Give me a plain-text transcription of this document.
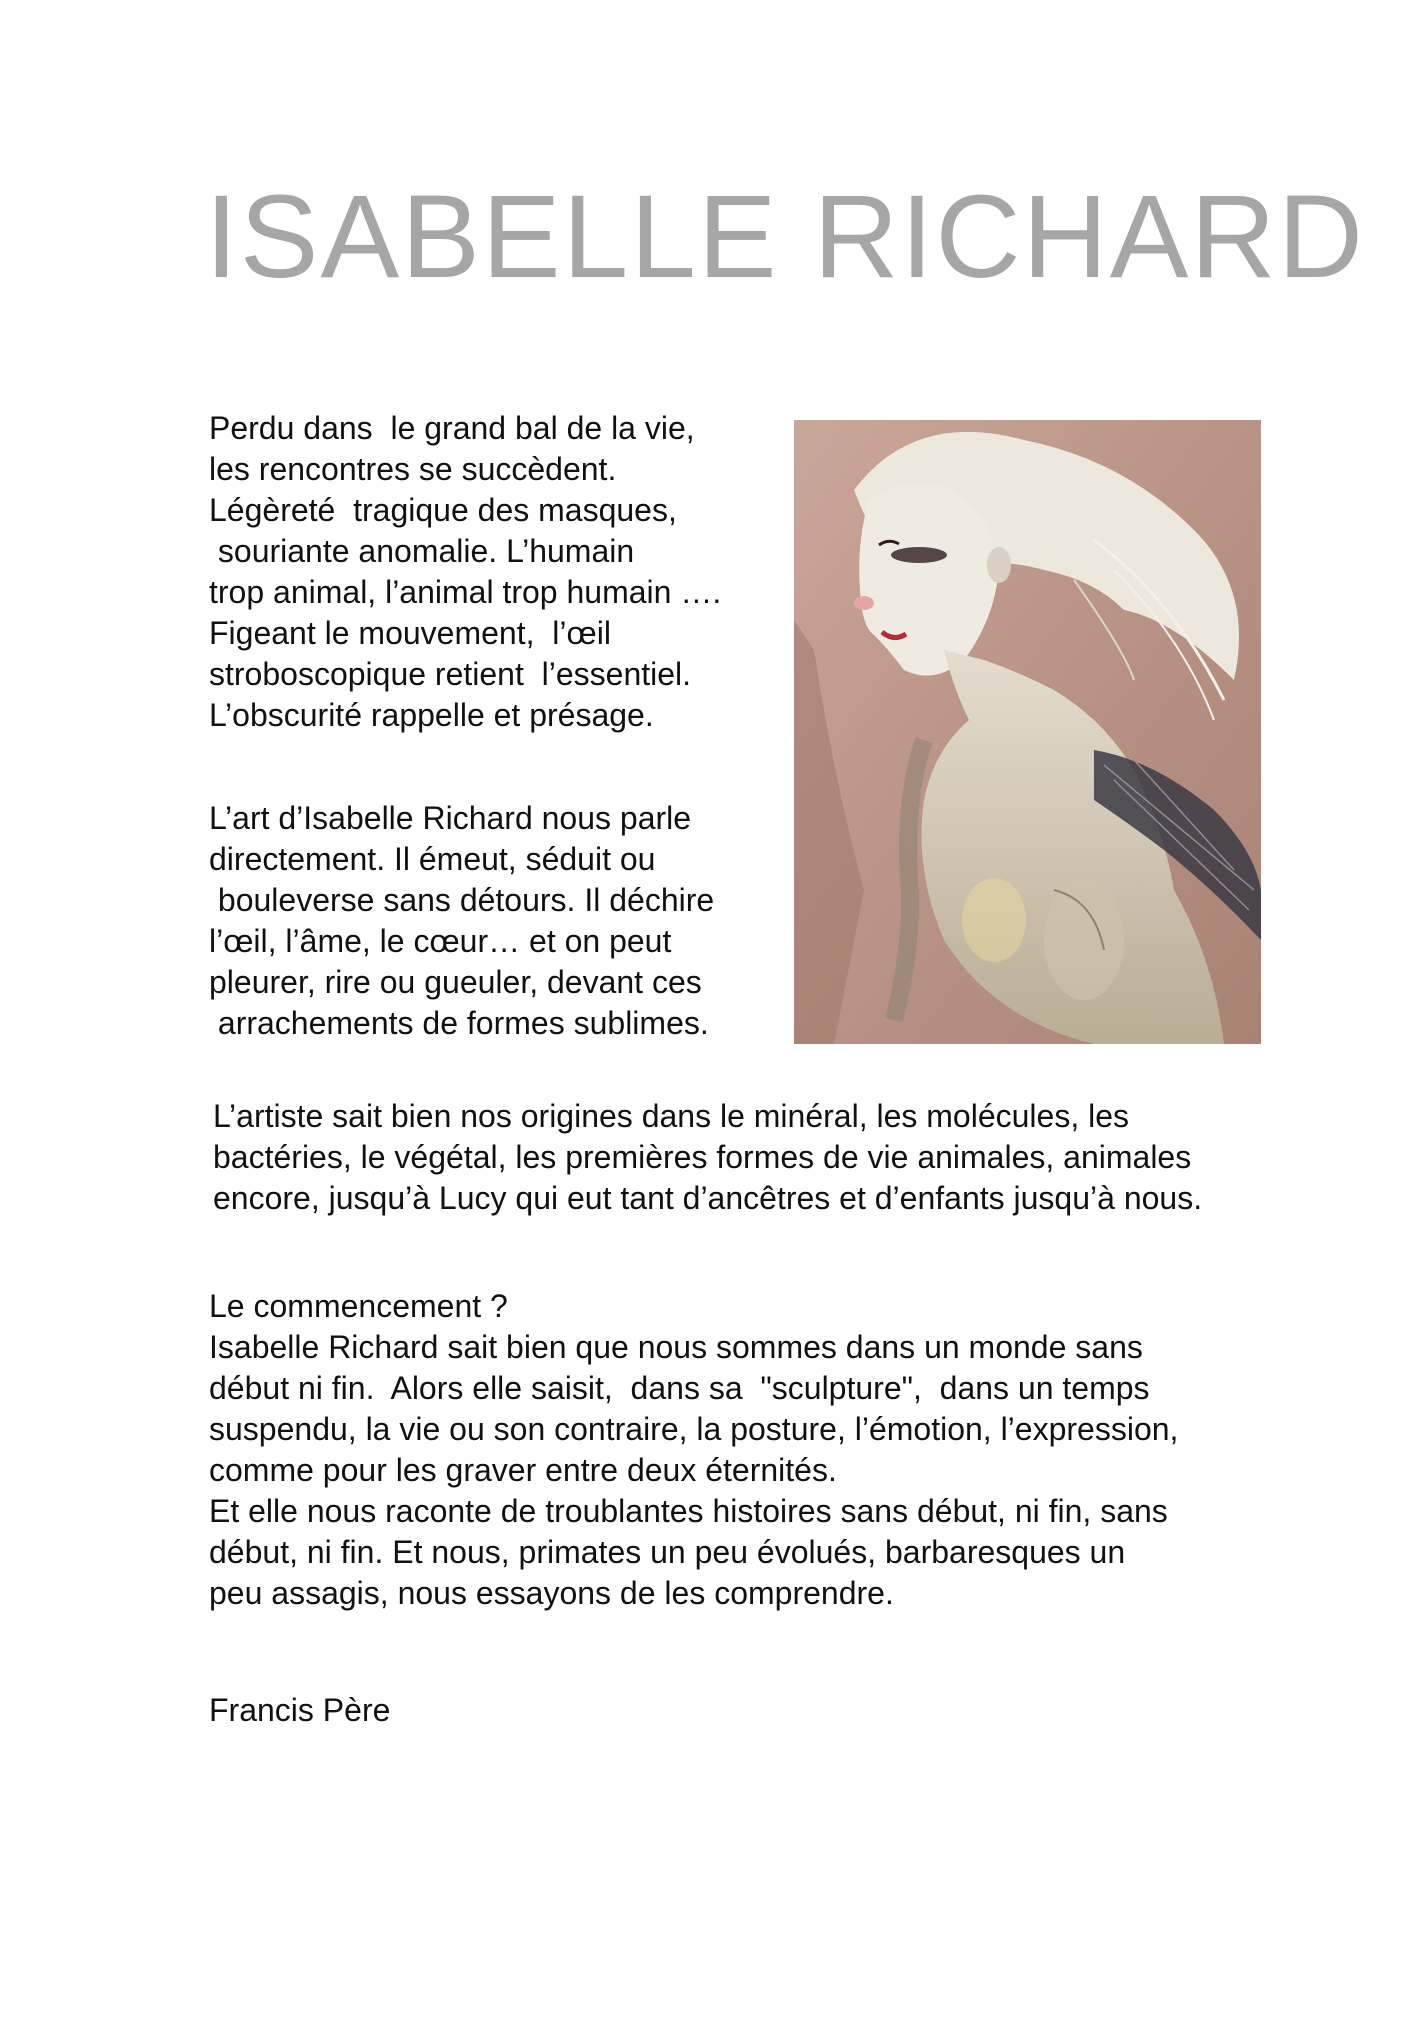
ISABELLE RICHARD
Perdu dans  le grand bal de la vie,
les rencontres se succèdent.
Légèreté  tragique des masques,
souriante anomalie. L’humain
trop animal, l’animal trop humain ….
Figeant le mouvement,  l’œil
stroboscopique retient  l’essentiel.
L’obscurité rappelle et présage.
L’art d’Isabelle Richard nous parle
directement. Il émeut, séduit ou
bouleverse sans détours. Il déchire
l’œil, l’âme, le cœur… et on peut
pleurer, rire ou gueuler, devant ces
arrachements de formes sublimes.
L’artiste sait bien nos origines dans le minéral, les molécules, les
bactéries, le végétal, les premières formes de vie animales, animales
encore, jusqu’à Lucy qui eut tant d’ancêtres et d’enfants jusqu’à nous.
Le commencement ?
Isabelle Richard sait bien que nous sommes dans un monde sans
début ni fin.  Alors elle saisit,  dans sa  "sculpture",  dans un temps
suspendu, la vie ou son contraire, la posture, l’émotion, l’expression,
comme pour les graver entre deux éternités.
Et elle nous raconte de troublantes histoires sans début, ni fin, sans
début, ni fin. Et nous, primates un peu évolués, barbaresques un
peu assagis, nous essayons de les comprendre.
Francis Père
